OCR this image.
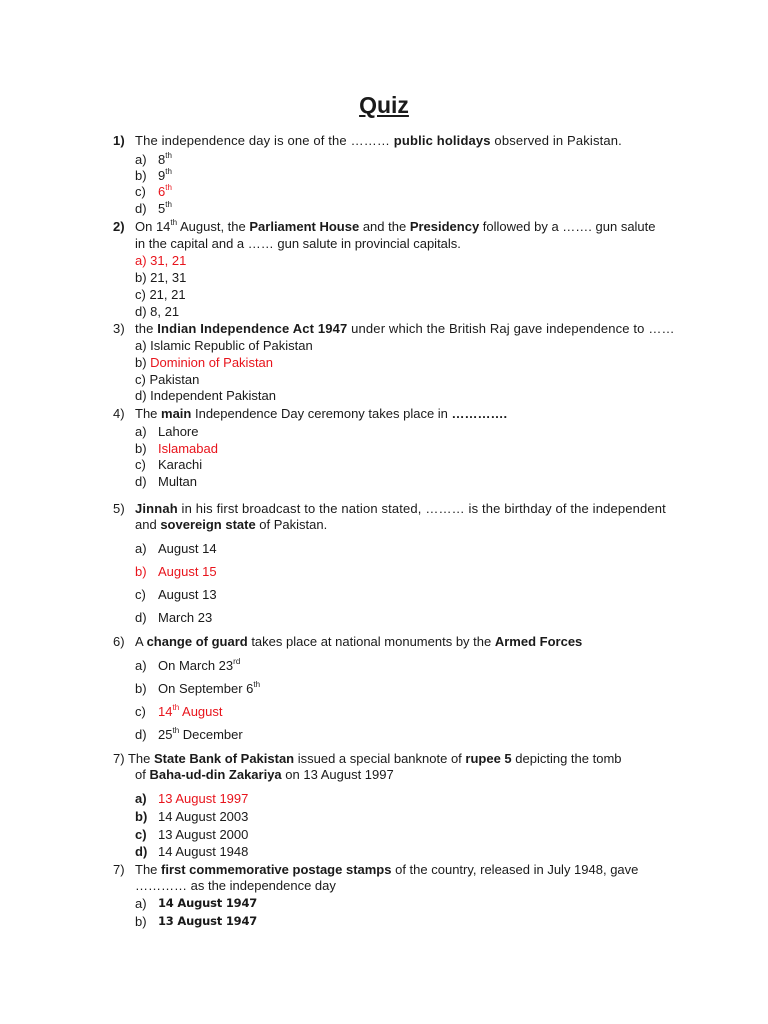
Quiz
1) The independence day is one of the ……… public holidays observed in Pakistan.
a) 8th
b) 9th
c) 6th
d) 5th
2) On 14th August, the Parliament House and the Presidency followed by a ……. gun salute
in the capital and a …… gun salute in provincial capitals.
a) 31, 21
b) 21, 31
c) 21, 21
d) 8, 21
3) the Indian Independence Act 1947 under which the British Raj gave independence to ……
a) Islamic Republic of Pakistan
b) Dominion of Pakistan
c) Pakistan
d) Independent Pakistan
4) The main Independence Day ceremony takes place in ………….
a) Lahore
b) Islamabad
c) Karachi
d) Multan
5) Jinnah in his first broadcast to the nation stated, ……… is the birthday of the independent
and sovereign state of Pakistan.
a) August 14
b) August 15
c) August 13
d) March 23
6) A change of guard takes place at national monuments by the Armed Forces
a) On March 23rd
b) On September 6th
c) 14th August
d) 25th December
7) The State Bank of Pakistan issued a special banknote of rupee 5 depicting the tomb
of Baha-ud-din Zakariya on 13 August 1997
a) 13 August 1997
b) 14 August 2003
c) 13 August 2000
d) 14 August 1948
7) The first commemorative postage stamps of the country, released in July 1948, gave
………… as the independence day
a) 14 August 1947
b) 13 August 1947
